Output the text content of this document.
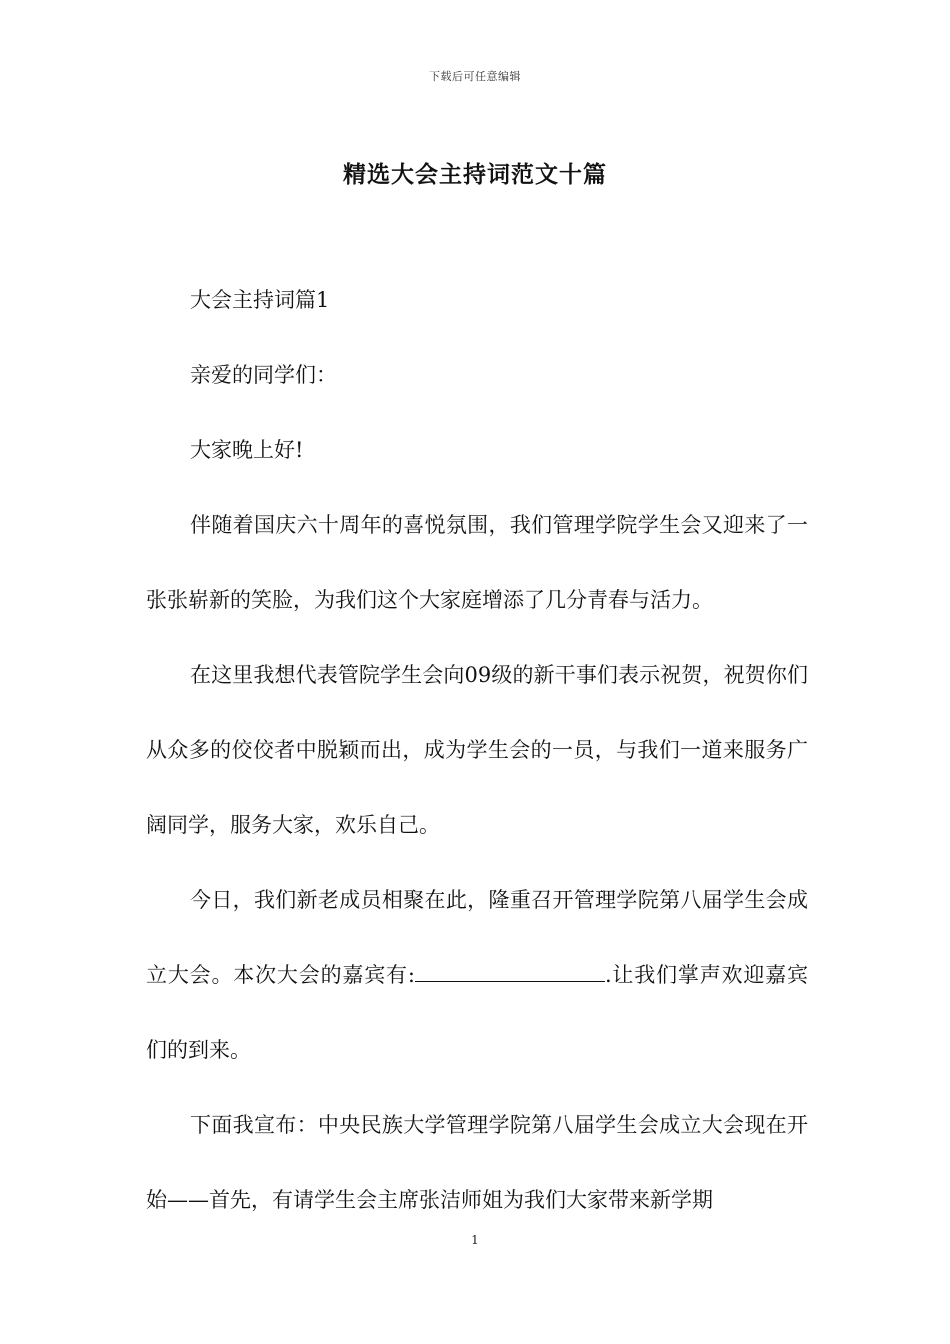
下载后可任意编辑
精选大会主持词范文十篇

大会主持词篇1

亲爱的同学们：

大家晚上好!

伴随着国庆六十周年的喜悦氛围，我们管理学院学生会又迎来了一张张崭新的笑脸，为我们这个大家庭增添了几分青春与活力。

在这里我想代表管院学生会向09级的新干事们表示祝贺，祝贺你们从众多的佼佼者中脱颖而出，成为学生会的一员，与我们一道来服务广阔同学，服务大家，欢乐自己。

今日，我们新老成员相聚在此，隆重召开管理学院第八届学生会成立大会。本次大会的嘉宾有:	.让我们掌声欢迎嘉宾们的到来。

下面我宣布：中央民族大学管理学院第八届学生会成立大会现在开始——首先，有请学生会主席张洁师姐为我们大家带来新学期

1
